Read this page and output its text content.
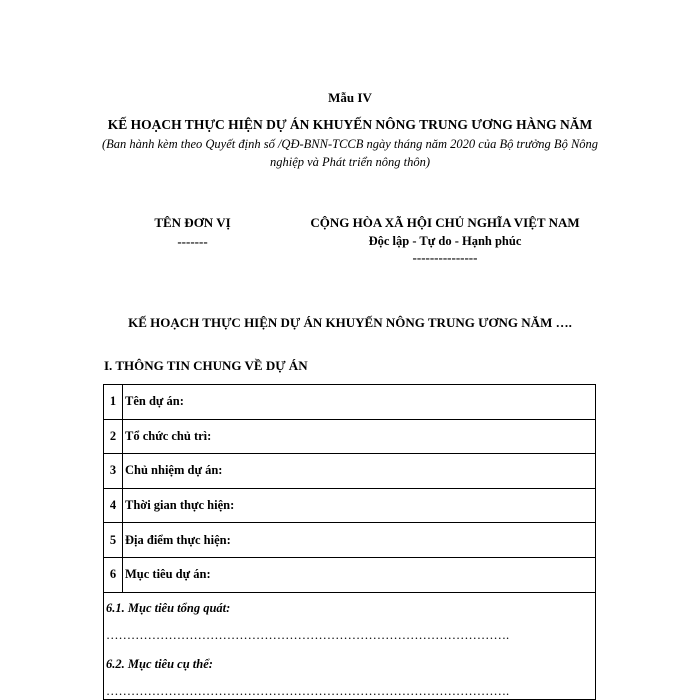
Mẫu IV
KẾ HOẠCH THỰC HIỆN DỰ ÁN KHUYẾN NÔNG TRUNG ƯƠNG HÀNG NĂM
(Ban hành kèm theo Quyết định số /QĐ-BNN-TCCB ngày tháng năm 2020 của Bộ trưởng Bộ Nông nghiệp và Phát triển nông thôn)
TÊN ĐƠN VỊ
-------
CỘNG HÒA XÃ HỘI CHỦ NGHĨA VIỆT NAM
Độc lập - Tự do - Hạnh phúc
---------------
KẾ HOẠCH THỰC HIỆN DỰ ÁN KHUYẾN NÔNG TRUNG ƯƠNG NĂM ….
I. THÔNG TIN CHUNG VỀ DỰ ÁN
1	Tên dự án:
2	Tổ chức chủ trì:
3	Chủ nhiệm dự án:
4	Thời gian thực hiện:
5	Địa điểm thực hiện:
6	Mục tiêu dự án:

6.1. Mục tiêu tổng quát:
…………………………………………………………………………………….
6.2. Mục tiêu cụ thể:
…………………………………………………………………………………….	
